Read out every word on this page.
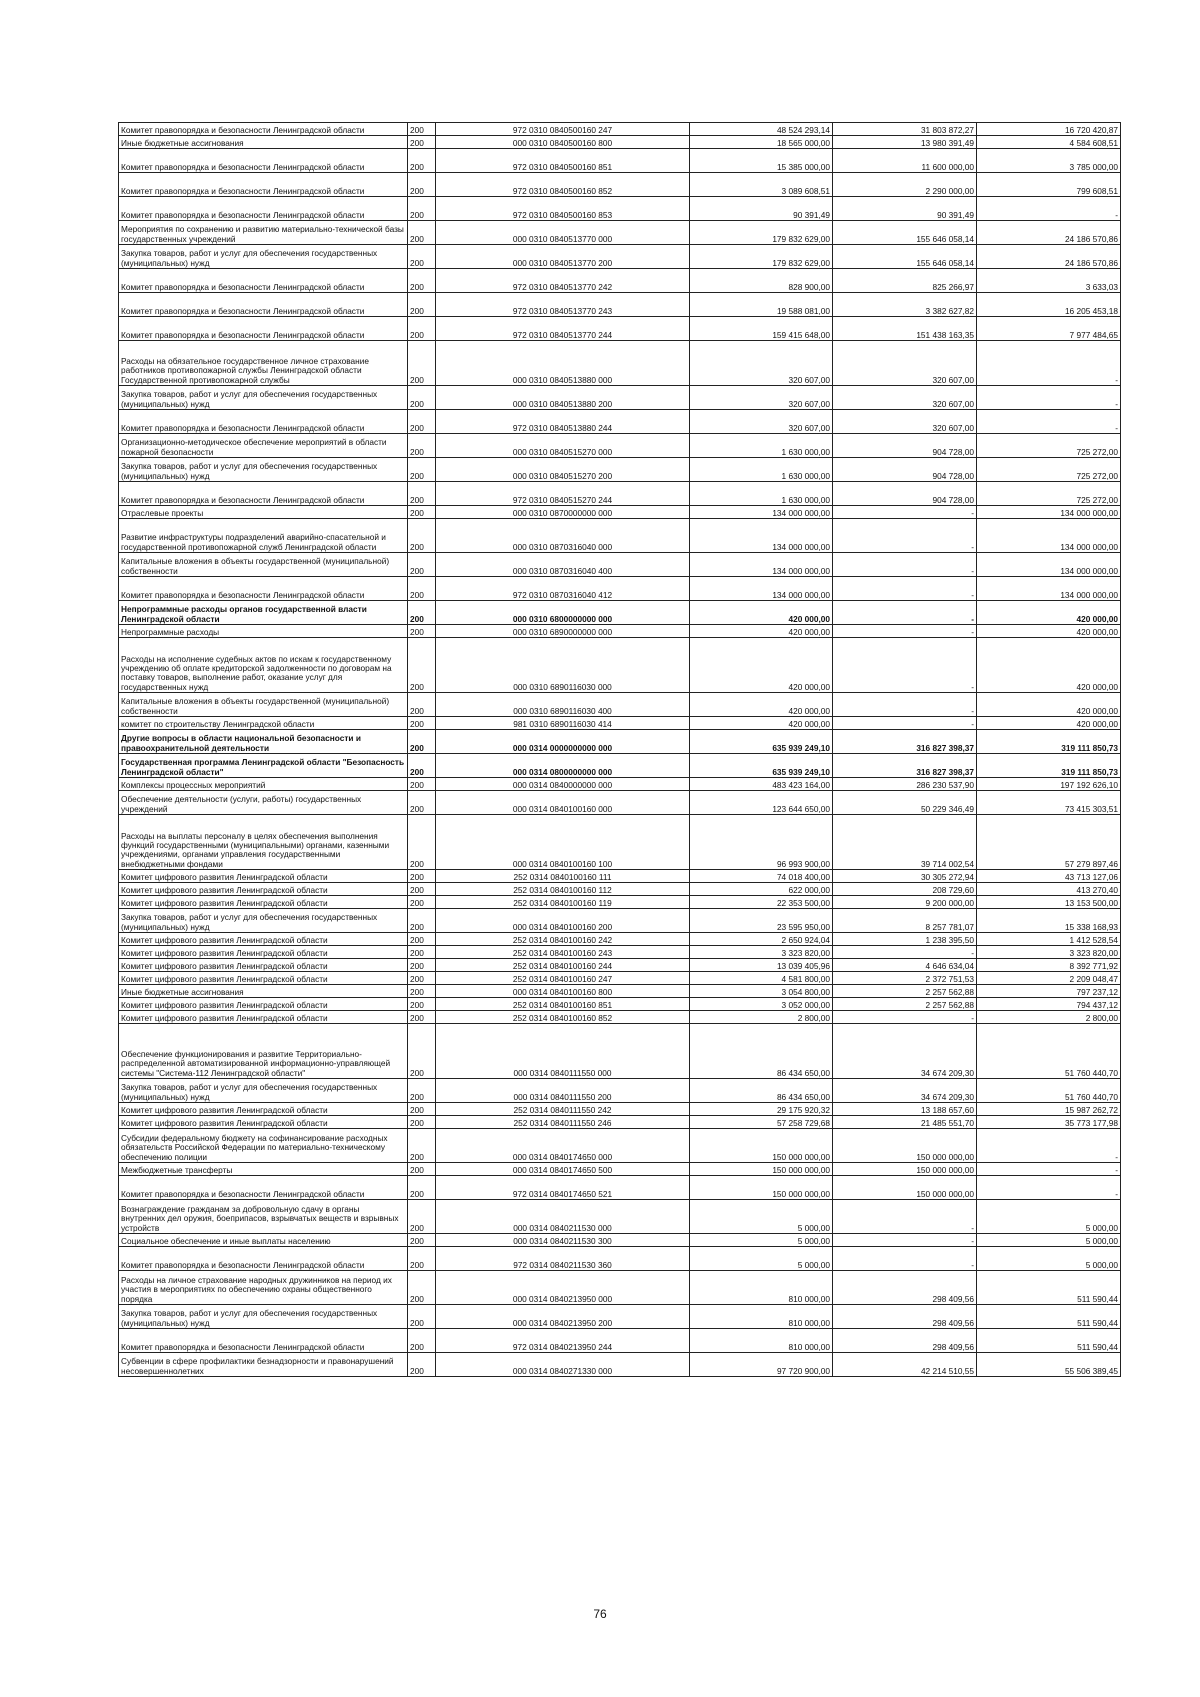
Комитет правопорядка и безопасности Ленинградской области	200	972 0310 0840500160 247	48 524 293,14	31 803 872,27	16 720 420,87
Иные бюджетные ассигнования	200	000 0310 0840500160 800	18 565 000,00	13 980 391,49	4 584 608,51
Комитет правопорядка и безопасности Ленинградской области	200	972 0310 0840500160 851	15 385 000,00	11 600 000,00	3 785 000,00
Комитет правопорядка и безопасности Ленинградской области	200	972 0310 0840500160 852	3 089 608,51	2 290 000,00	799 608,51
Комитет правопорядка и безопасности Ленинградской области	200	972 0310 0840500160 853	90 391,49	90 391,49	-
Мероприятия по сохранению и развитию материально-технической базы государственных учреждений	200	000 0310 0840513770 000	179 832 629,00	155 646 058,14	24 186 570,86
Закупка товаров, работ и услуг для обеспечения государственных (муниципальных) нужд	200	000 0310 0840513770 200	179 832 629,00	155 646 058,14	24 186 570,86
Комитет правопорядка и безопасности Ленинградской области	200	972 0310 0840513770 242	828 900,00	825 266,97	3 633,03
Комитет правопорядка и безопасности Ленинградской области	200	972 0310 0840513770 243	19 588 081,00	3 382 627,82	16 205 453,18
Комитет правопорядка и безопасности Ленинградской области	200	972 0310 0840513770 244	159 415 648,00	151 438 163,35	7 977 484,65
Расходы на обязательное государственное личное страхование работников противопожарной службы Ленинградской области Государственной противопожарной службы	200	000 0310 0840513880 000	320 607,00	320 607,00	-
Закупка товаров, работ и услуг для обеспечения государственных (муниципальных) нужд	200	000 0310 0840513880 200	320 607,00	320 607,00	-
Комитет правопорядка и безопасности Ленинградской области	200	972 0310 0840513880 244	320 607,00	320 607,00	-
Организационно-методическое обеспечение мероприятий в области пожарной безопасности	200	000 0310 0840515270 000	1 630 000,00	904 728,00	725 272,00
Закупка товаров, работ и услуг для обеспечения государственных (муниципальных) нужд	200	000 0310 0840515270 200	1 630 000,00	904 728,00	725 272,00
Комитет правопорядка и безопасности Ленинградской области	200	972 0310 0840515270 244	1 630 000,00	904 728,00	725 272,00
Отраслевые проекты	200	000 0310 0870000000 000	134 000 000,00	-	134 000 000,00
Развитие инфраструктуры подразделений аварийно-спасательной и государственной противопожарной служб Ленинградской области	200	000 0310 0870316040 000	134 000 000,00	-	134 000 000,00
Капитальные вложения в объекты государственной (муниципальной) собственности	200	000 0310 0870316040 400	134 000 000,00	-	134 000 000,00
Комитет правопорядка и безопасности Ленинградской области	200	972 0310 0870316040 412	134 000 000,00	-	134 000 000,00
Непрограммные расходы органов государственной власти Ленинградской области	200	000 0310 6800000000 000	420 000,00	-	420 000,00
Непрограммные расходы	200	000 0310 6890000000 000	420 000,00	-	420 000,00
Расходы на исполнение судебных актов по искам к государственному учреждению об оплате кредиторской задолженности по договорам на поставку товаров, выполнение работ, оказание услуг для государственных нужд	200	000 0310 6890116030 000	420 000,00	-	420 000,00
Капитальные вложения в объекты государственной (муниципальной) собственности	200	000 0310 6890116030 400	420 000,00	-	420 000,00
комитет по строительству Ленинградской области	200	981 0310 6890116030 414	420 000,00	-	420 000,00
Другие вопросы в области национальной безопасности и правоохранительной деятельности	200	000 0314 0000000000 000	635 939 249,10	316 827 398,37	319 111 850,73
Государственная программа Ленинградской области "Безопасность Ленинградской области"	200	000 0314 0800000000 000	635 939 249,10	316 827 398,37	319 111 850,73
Комплексы процессных мероприятий	200	000 0314 0840000000 000	483 423 164,00	286 230 537,90	197 192 626,10
Обеспечение деятельности (услуги, работы) государственных учреждений	200	000 0314 0840100160 000	123 644 650,00	50 229 346,49	73 415 303,51
Расходы на выплаты персоналу в целях обеспечения выполнения функций государственными (муниципальными) органами, казенными учреждениями, органами управления государственными внебюджетными фондами	200	000 0314 0840100160 100	96 993 900,00	39 714 002,54	57 279 897,46
Комитет цифрового развития Ленинградской области	200	252 0314 0840100160 111	74 018 400,00	30 305 272,94	43 713 127,06
Комитет цифрового развития Ленинградской области	200	252 0314 0840100160 112	622 000,00	208 729,60	413 270,40
Комитет цифрового развития Ленинградской области	200	252 0314 0840100160 119	22 353 500,00	9 200 000,00	13 153 500,00
Закупка товаров, работ и услуг для обеспечения государственных (муниципальных) нужд	200	000 0314 0840100160 200	23 595 950,00	8 257 781,07	15 338 168,93
Комитет цифрового развития Ленинградской области	200	252 0314 0840100160 242	2 650 924,04	1 238 395,50	1 412 528,54
Комитет цифрового развития Ленинградской области	200	252 0314 0840100160 243	3 323 820,00	-	3 323 820,00
Комитет цифрового развития Ленинградской области	200	252 0314 0840100160 244	13 039 405,96	4 646 634,04	8 392 771,92
Комитет цифрового развития Ленинградской области	200	252 0314 0840100160 247	4 581 800,00	2 372 751,53	2 209 048,47
Иные бюджетные ассигнования	200	000 0314 0840100160 800	3 054 800,00	2 257 562,88	797 237,12
Комитет цифрового развития Ленинградской области	200	252 0314 0840100160 851	3 052 000,00	2 257 562,88	794 437,12
Комитет цифрового развития Ленинградской области	200	252 0314 0840100160 852	2 800,00	-	2 800,00
Обеспечение функционирования и развитие Территориально-распределенной автоматизированной информационно-управляющей системы "Система-112 Ленинградской области"	200	000 0314 0840111550 000	86 434 650,00	34 674 209,30	51 760 440,70
Закупка товаров, работ и услуг для обеспечения государственных (муниципальных) нужд	200	000 0314 0840111550 200	86 434 650,00	34 674 209,30	51 760 440,70
Комитет цифрового развития Ленинградской области	200	252 0314 0840111550 242	29 175 920,32	13 188 657,60	15 987 262,72
Комитет цифрового развития Ленинградской области	200	252 0314 0840111550 246	57 258 729,68	21 485 551,70	35 773 177,98
Субсидии федеральному бюджету на софинансирование расходных обязательств Российской Федерации по материально-техническому обеспечению полиции	200	000 0314 0840174650 000	150 000 000,00	150 000 000,00	-
Межбюджетные трансферты	200	000 0314 0840174650 500	150 000 000,00	150 000 000,00	-
Комитет правопорядка и безопасности Ленинградской области	200	972 0314 0840174650 521	150 000 000,00	150 000 000,00	-
Вознаграждение гражданам за добровольную сдачу в органы внутренних дел оружия, боеприпасов, взрывчатых веществ и взрывных устройств	200	000 0314 0840211530 000	5 000,00	-	5 000,00
Социальное обеспечение и иные выплаты населению	200	000 0314 0840211530 300	5 000,00	-	5 000,00
Комитет правопорядка и безопасности Ленинградской области	200	972 0314 0840211530 360	5 000,00	-	5 000,00
Расходы на личное страхование народных дружинников на период их участия в мероприятиях по обеспечению охраны общественного порядка	200	000 0314 0840213950 000	810 000,00	298 409,56	511 590,44
Закупка товаров, работ и услуг для обеспечения государственных (муниципальных) нужд	200	000 0314 0840213950 200	810 000,00	298 409,56	511 590,44
Комитет правопорядка и безопасности Ленинградской области	200	972 0314 0840213950 244	810 000,00	298 409,56	511 590,44
Субвенции в сфере профилактики безнадзорности и правонарушений несовершеннолетних	200	000 0314 0840271330 000	97 720 900,00	42 214 510,55	55 506 389,45
76
